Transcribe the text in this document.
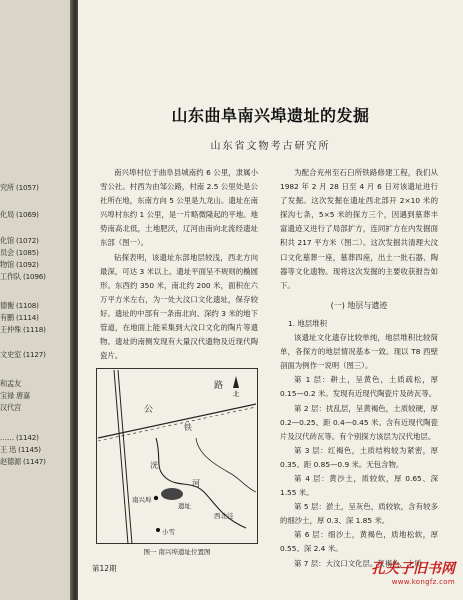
究所 (1057)
化局 (1069)
化馆 (1072)
员会 (1085)
物馆 (1092)
工作队 (1096)
德衡 (1108)
有鹏 (1114)
王仲殊 (1118)
文史室 (1127)
和孟友
宝禄 唐嘉
汉代宫
…… (1142)
王 迅 (1145)
赵德源 (1147)
山东曲阜南兴埠遗址的发掘
山东省文物考古研究所

南兴埠村位于曲阜县城南约 6 公里，隶属小雪公社。村西为由邹公路，村南 2.5 公里处是公社所在地，东南方向 5 公里是九龙山。遗址在南兴埠村东约 1 公里，是一片略微隆起的平地。地势南高北低，土地肥沃，辽河由南向北流经遗址东部（图一）。

钻探表明，该遗址东部地层较浅，西北方向最深，可达 3 米以上。遗址平面呈不规则的椭圆形。东西约 350 米，南北约 200 米，面积在六万平方米左右，为一处大汶口文化遗址，保存较好。遗址的中部有一条南北向、深约 3 米的地下管道，在地面上能采集到大汶口文化的陶片等遗物。遗址的南侧发现有大量汉代遗物及近现代陶瓷片。

为配合兖州至石臼所铁路修建工程，我们从 1982 年 2 月 28 日至 4 月 6 日对该遗址进行了发掘。这次发掘在遗址西北部开 2×10 米的探沟七条，5×5 米的探方三个，因遇到墓葬丰富遗迹又进行了局部扩方，连同扩方在内发掘面积共 217 平方米（图二）。这次发掘共清理大汶口文化墓葬一座，墓葬四座，出土一批石器、陶器等文化遗物。现将这次发掘的主要收获报告如下。

(一) 地层与遗迹

1. 地层堆积

该遗址文化遗存比较单纯，地层堆积比较简单，各探方的地层情况基本一致。现以 T8 西壁剖面为例作一说明（图三）。

第 1 层：耕土，呈黄色，土质疏松，厚 0.15—0.2 米。发现有近现代陶瓷片及砖瓦等。

第 2 层：扰乱层，呈黄褐色，土质较硬，厚 0.2—0.25、距 0.4—0.45 米。含有近现代陶瓷片及汉代砖瓦等。有个别探方该层为汉代地层。

第 3 层：红褐色，土质结构较为紧密，厚 0.35、距 0.85—0.9 米。无包含物。

第 4 层：黄沙土，质较软，厚 0.65、深 1.55 米。

第 5 层：淤土，呈灰色，质较软，含有较多的细沙土，厚 0.3、深 1.85 米。

第 6 层：细沙土，黄褐色，质地松软，厚 0.55、深 2.4 米。

第 7 层：大汶口文化层。灰褐色，土质

北
公
路
铁
洸
河
南兴埠
遗址
小雪
西北洼
图一 南兴埠遗址位置图
第12期	孔夫子旧书网
www.kongfz.com
